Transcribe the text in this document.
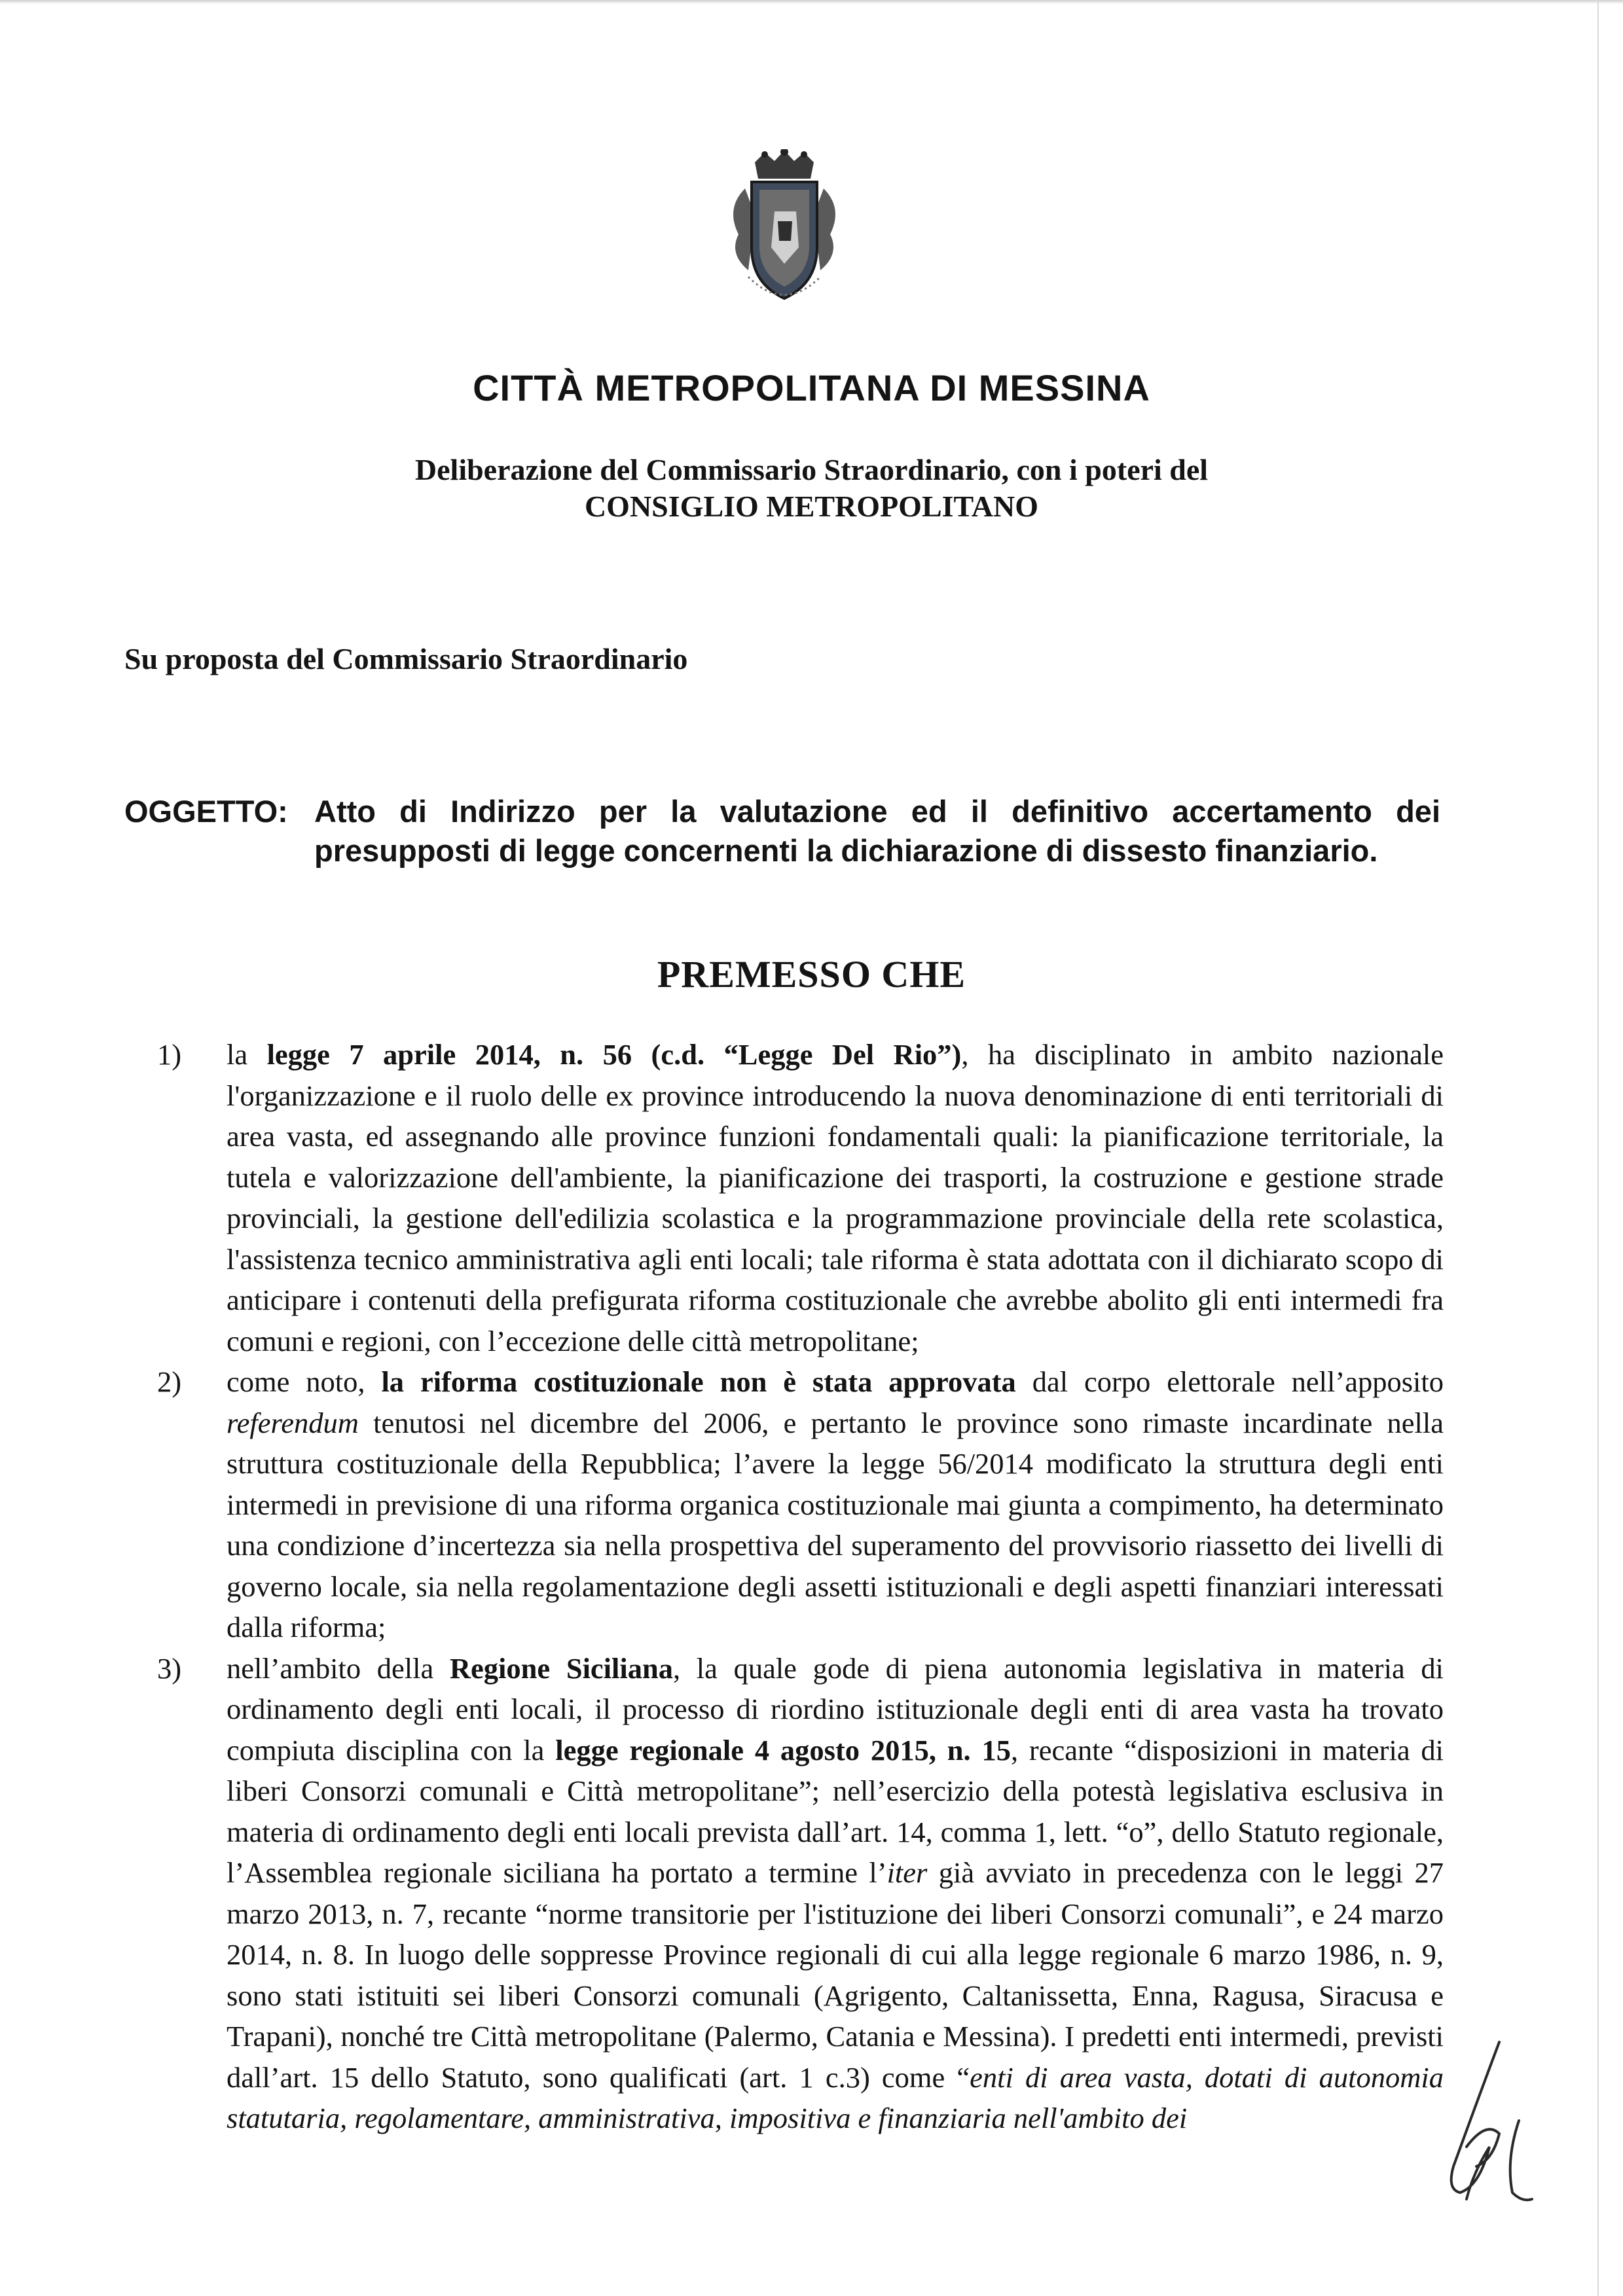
CITTÀ METROPOLITANA DI MESSINA
Deliberazione del Commissario Straordinario, con i poteri del
CONSIGLIO METROPOLITANO
Su proposta del Commissario Straordinario
OGGETTO: Atto di Indirizzo per la valutazione ed il definitivo accertamento dei presupposti di legge concernenti la dichiarazione di dissesto finanziario.
PREMESSO CHE
1) la legge 7 aprile 2014, n. 56 (c.d. “Legge Del Rio”), ha disciplinato in ambito nazionale l'organizzazione e il ruolo delle ex province introducendo la nuova denominazione di enti territoriali di area vasta, ed assegnando alle province funzioni fondamentali quali: la pianificazione territoriale, la tutela e valorizzazione dell'ambiente, la pianificazione dei trasporti, la costruzione e gestione strade provinciali, la gestione dell'edilizia scolastica e la programmazione provinciale della rete scolastica, l'assistenza tecnico amministrativa agli enti locali; tale riforma è stata adottata con il dichiarato scopo di anticipare i contenuti della prefigurata riforma costituzionale che avrebbe abolito gli enti intermedi fra comuni e regioni, con l’eccezione delle città metropolitane;
2) come noto, la riforma costituzionale non è stata approvata dal corpo elettorale nell’apposito referendum tenutosi nel dicembre del 2006, e pertanto le province sono rimaste incardinate nella struttura costituzionale della Repubblica; l’avere la legge 56/2014 modificato la struttura degli enti intermedi in previsione di una riforma organica costituzionale mai giunta a compimento, ha determinato una condizione d’incertezza sia nella prospettiva del superamento del provvisorio riassetto dei livelli di governo locale, sia nella regolamentazione degli assetti istituzionali e degli aspetti finanziari interessati dalla riforma;
3) nell’ambito della Regione Siciliana, la quale gode di piena autonomia legislativa in materia di ordinamento degli enti locali, il processo di riordino istituzionale degli enti di area vasta ha trovato compiuta disciplina con la legge regionale 4 agosto 2015, n. 15, recante “disposizioni in materia di liberi Consorzi comunali e Città metropolitane”; nell’esercizio della potestà legislativa esclusiva in materia di ordinamento degli enti locali prevista dall’art. 14, comma 1, lett. “o”, dello Statuto regionale, l’Assemblea regionale siciliana ha portato a termine l’iter già avviato in precedenza con le leggi 27 marzo 2013, n. 7, recante “norme transitorie per l'istituzione dei liberi Consorzi comunali”, e 24 marzo 2014, n. 8. In luogo delle soppresse Province regionali di cui alla legge regionale 6 marzo 1986, n. 9, sono stati istituiti sei liberi Consorzi comunali (Agrigento, Caltanissetta, Enna, Ragusa, Siracusa e Trapani), nonché tre Città metropolitane (Palermo, Catania e Messina). I predetti enti intermedi, previsti dall’art. 15 dello Statuto, sono qualificati (art. 1 c.3) come “enti di area vasta, dotati di autonomia statutaria, regolamentare, amministrativa, impositiva e finanziaria nell'ambito dei
